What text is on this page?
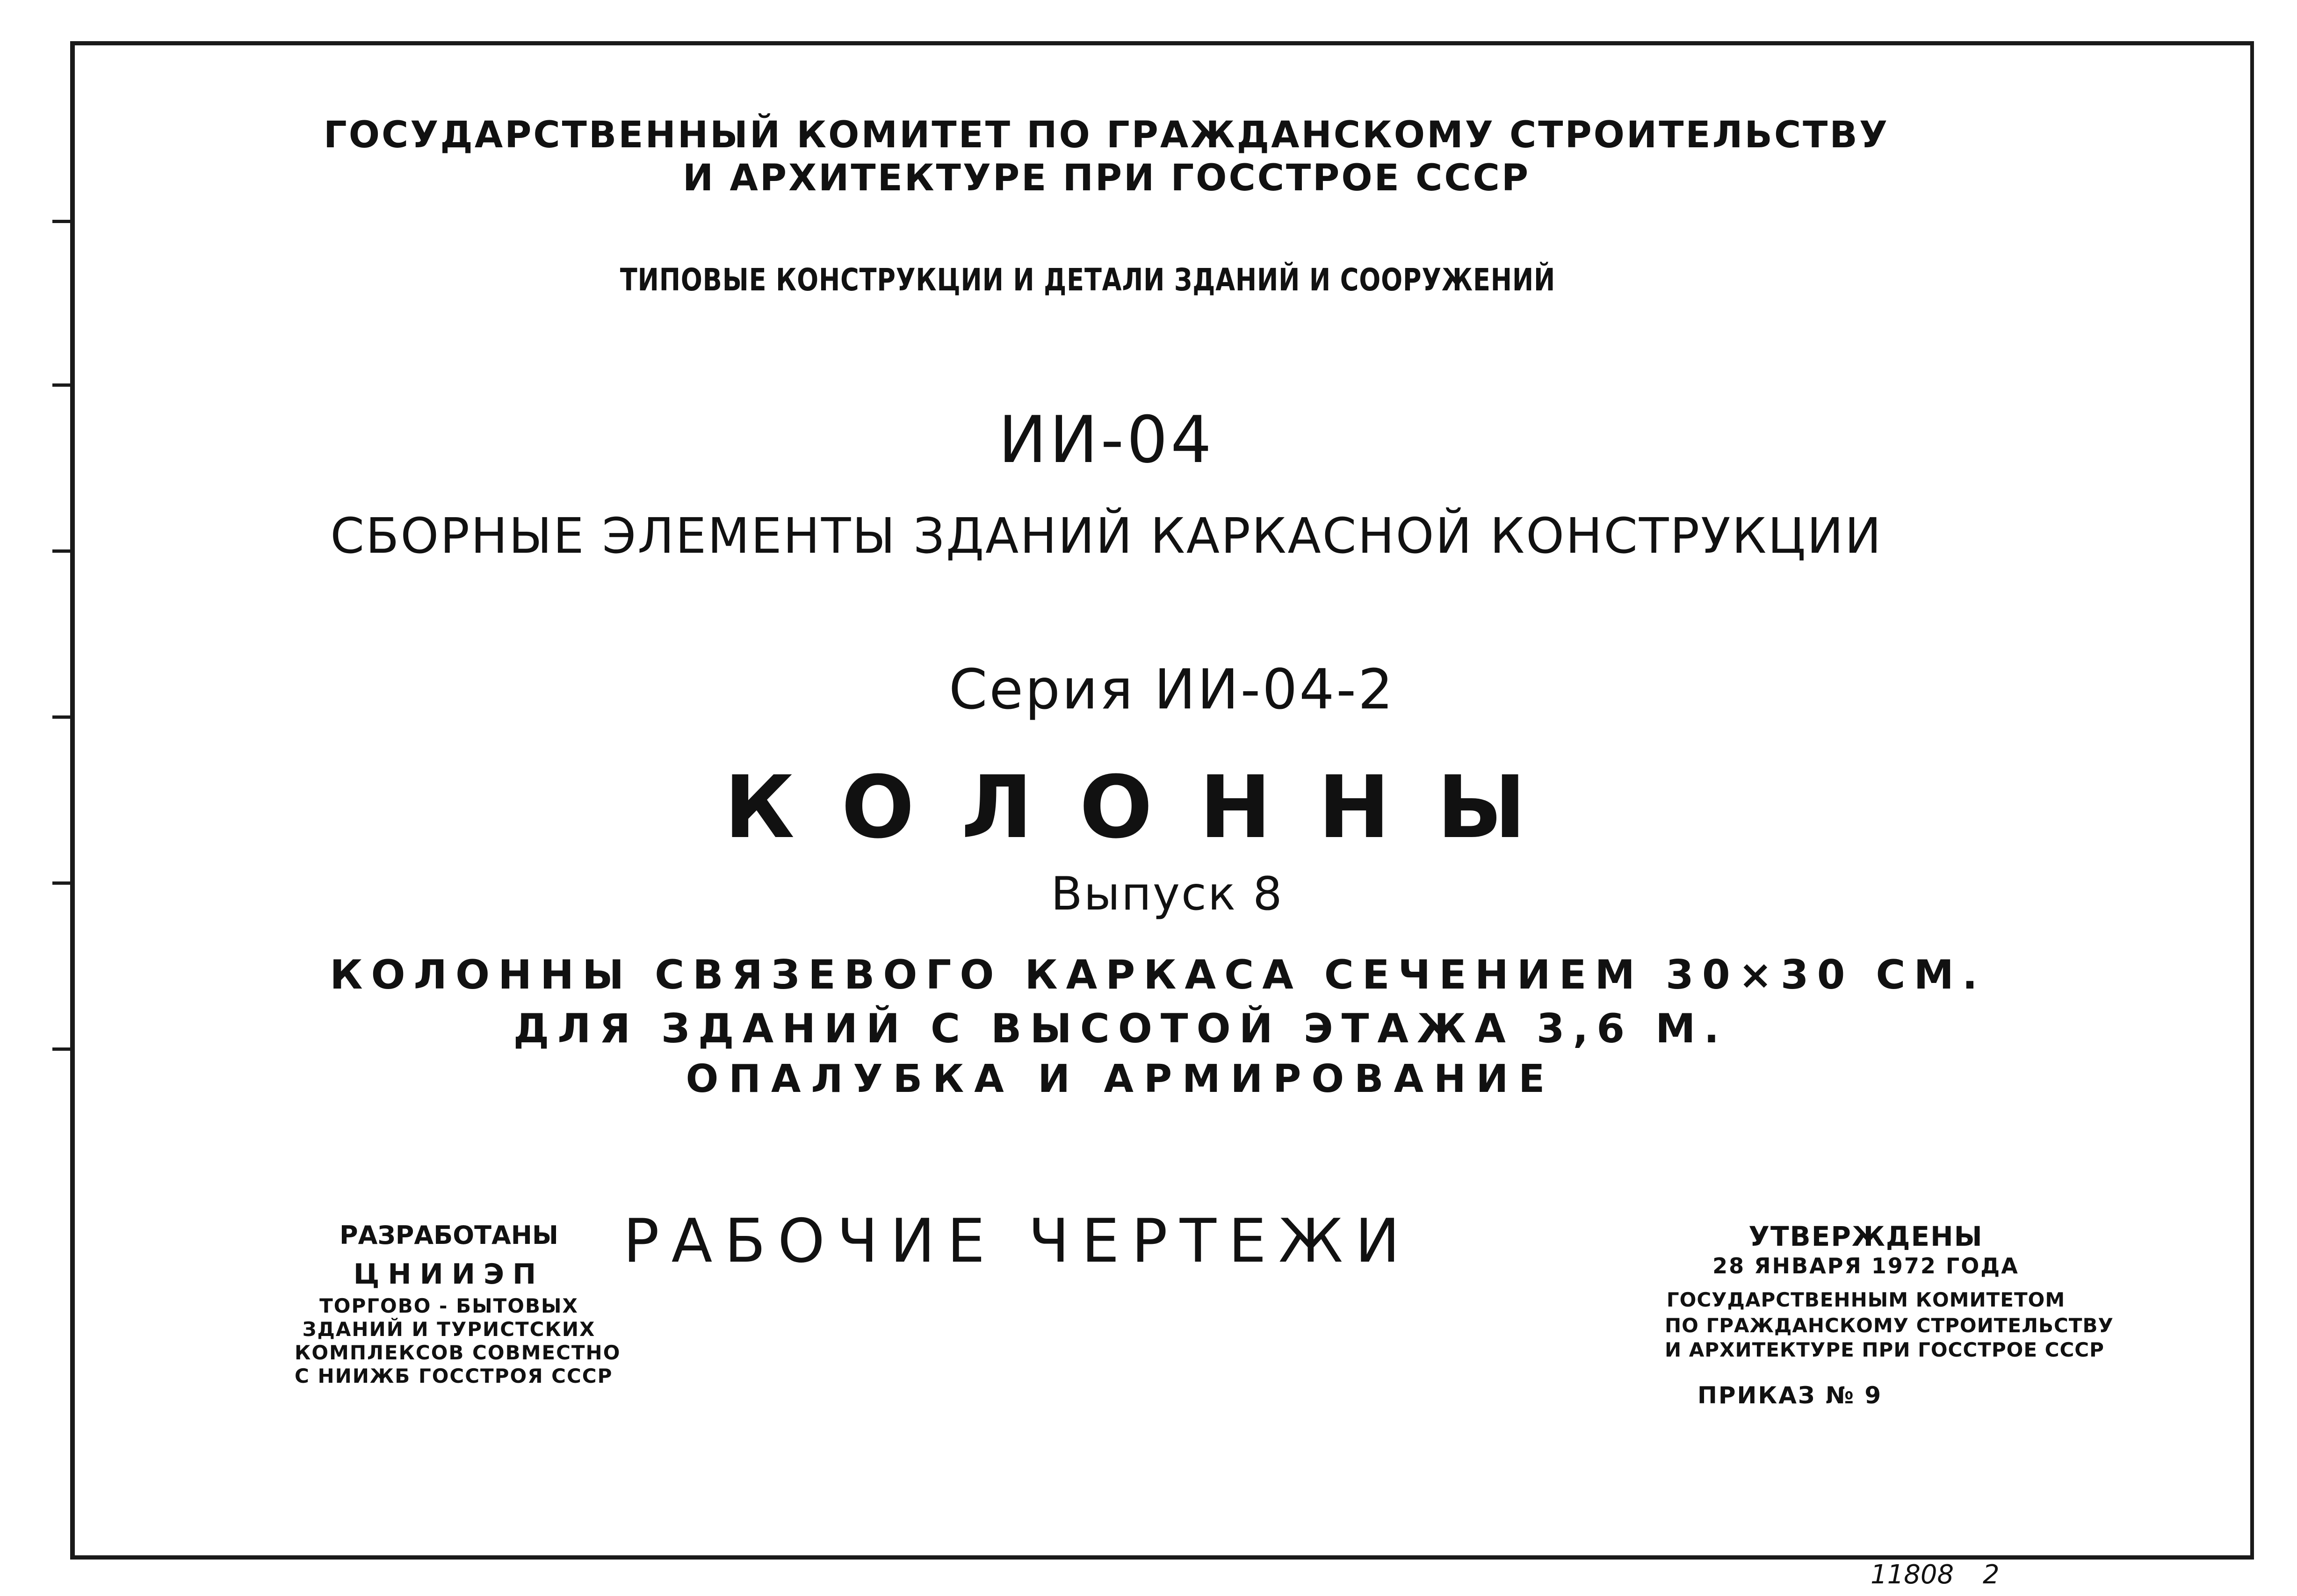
ГОСУДАРСТВЕННЫЙ КОМИТЕТ ПО ГРАЖДАНСКОМУ СТРОИТЕЛЬСТВУ
И АРХИТЕКТУРЕ ПРИ ГОССТРОЕ СССР
ТИПОВЫЕ КОНСТРУКЦИИ И ДЕТАЛИ ЗДАНИЙ И СООРУЖЕНИЙ
ИИ-04
СБОРНЫЕ ЭЛЕМЕНТЫ ЗДАНИЙ КАРКАСНОЙ КОНСТРУКЦИИ
Серия ИИ-04-2
КОЛОННЫ
Выпуск 8
КОЛОННЫ СВЯЗЕВОГО КАРКАСА СЕЧЕНИЕМ 30×30 СМ.
ДЛЯ ЗДАНИЙ С ВЫСОТОЙ ЭТАЖА 3,6 М.
ОПАЛУБКА И АРМИРОВАНИЕ
РАБОЧИЕ ЧЕРТЕЖИ
РАЗРАБОТАНЫ
ЦНИИЭП
ТОРГОВО - БЫТОВЫХ
ЗДАНИЙ И ТУРИСТСКИХ
КОМПЛЕКСОВ СОВМЕСТНО
С НИИЖБ ГОССТРОЯ СССР
УТВЕРЖДЕНЫ
28 ЯНВАРЯ 1972 ГОДА
ГОСУДАРСТВЕННЫМ КОМИТЕТОМ
ПО ГРАЖДАНСКОМУ СТРОИТЕЛЬСТВУ
И АРХИТЕКТУРЕ ПРИ ГОССТРОЕ СССР
ПРИКАЗ № 9
11808 2
